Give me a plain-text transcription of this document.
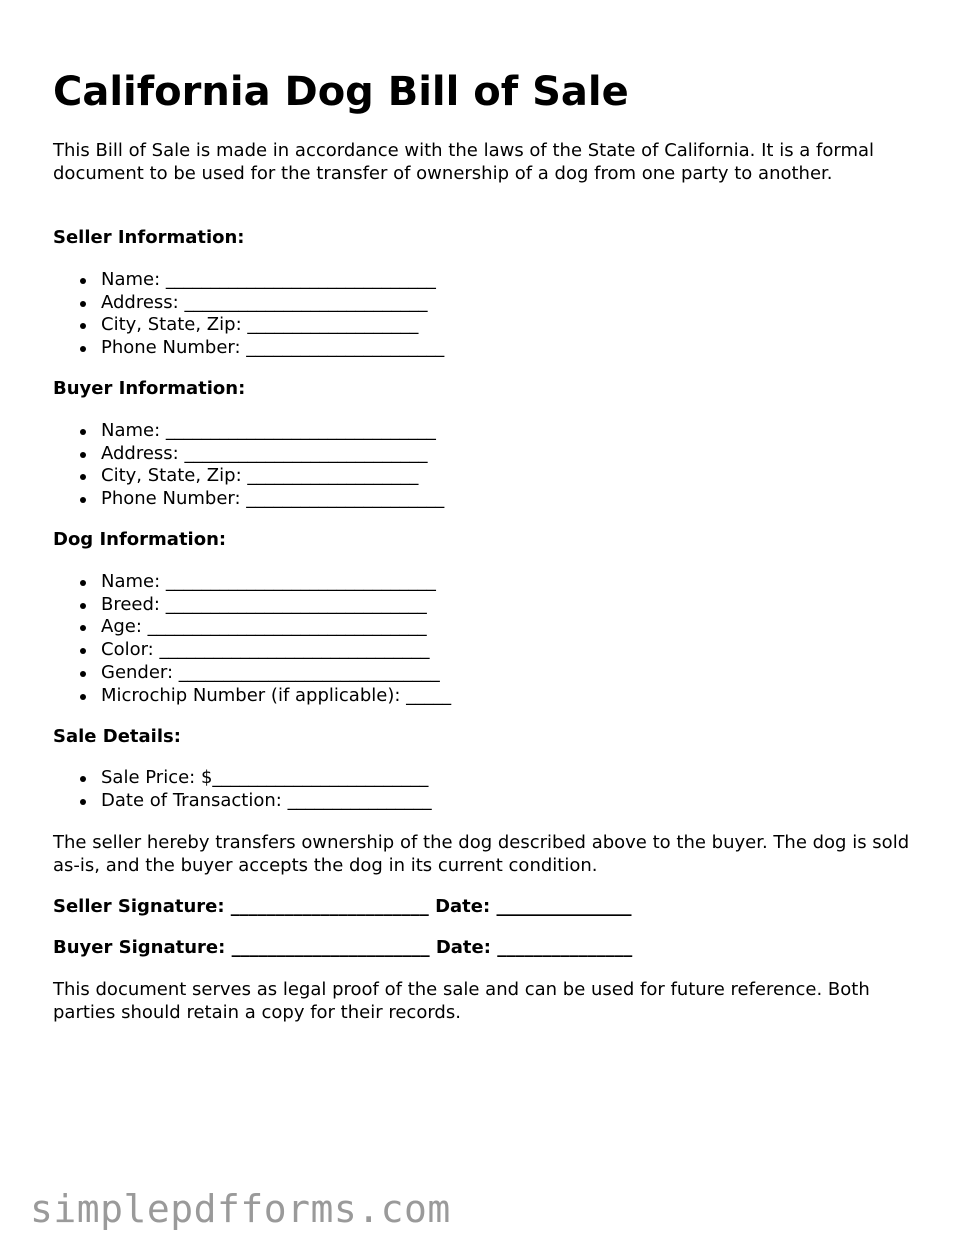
California Dog Bill of Sale

This Bill of Sale is made in accordance with the laws of the State of California. It is a formal document to be used for the transfer of ownership of a dog from one party to another.

Seller Information:

Name: ______________________________
Address: ___________________________
City, State, Zip: ___________________
Phone Number: ______________________

Buyer Information:

Name: ______________________________
Address: ___________________________
City, State, Zip: ___________________
Phone Number: ______________________

Dog Information:

Name: ______________________________
Breed: _____________________________
Age: _______________________________
Color: ______________________________
Gender: _____________________________
Microchip Number (if applicable): _____

Sale Details:

Sale Price: $________________________
Date of Transaction: ________________

The seller hereby transfers ownership of the dog described above to the buyer. The dog is sold as-is, and the buyer accepts the dog in its current condition.

Seller Signature: ______________________ Date: _______________

Buyer Signature: ______________________ Date: _______________

This document serves as legal proof of the sale and can be used for future reference. Both parties should retain a copy for their records.

simplepdfforms.com
